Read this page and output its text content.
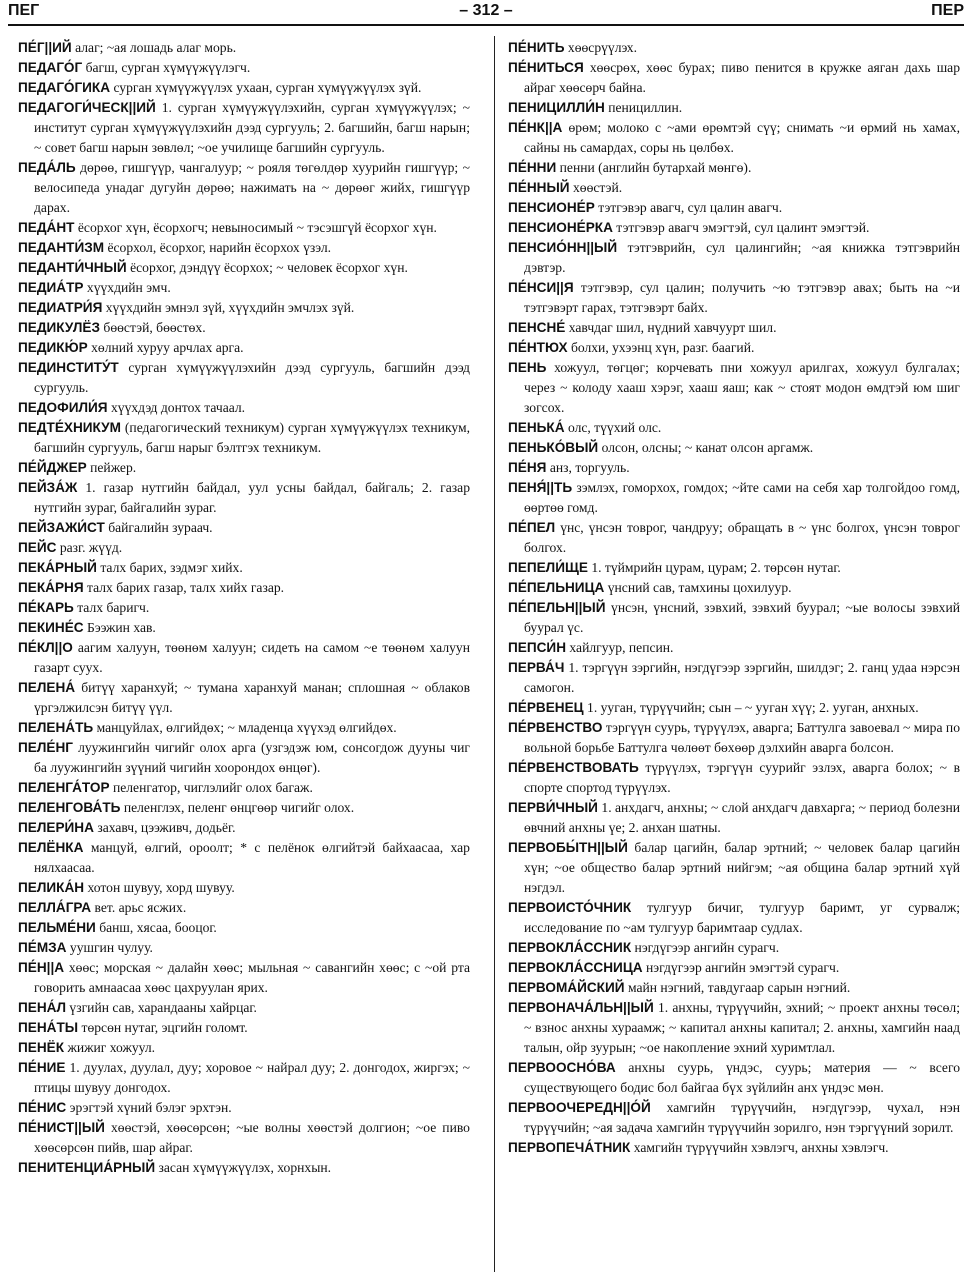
ПЕГ	– 312 –	ПЕР

ПЕ́Г||ИЙ алаг; ~ая лошадь алаг морь.

ПЕДАГО́Г багш, сурган хүмүүжүүлэгч.

ПЕДАГО́ГИКА сурган хүмүүжүүлэх ухаан, сурган хүмүүжүүлэх зүй.

ПЕДАГОГИ́ЧЕСК||ИЙ 1. сурган хүмүүжүүлэхийн, сурган хүмүүжүүлэх; ~ институт сурган хүмүүжүүлэхийн дээд сургууль; 2. багшийн, багш нарын; ~ совет багш нарын зөвлөл; ~ое училище багшийн сургууль.

ПЕДА́ЛЬ дөрөө, гишгүүр, чангалуур; ~ рояля төгөлдөр хуурийн гишгүүр; ~ велосипеда унадаг дугуйн дөрөө; нажимать на ~ дөрөөг жийх, гишгүүр дарах.

ПЕДА́НТ ёсорхог хүн, ёсорхогч; невыносимый ~ тэсэшгүй ёсорхог хүн.

ПЕДАНТИ́ЗМ ёсорхол, ёсорхог, нарийн ёсорхох үзэл.

ПЕДАНТИ́ЧНЫЙ ёсорхог, дэндүү ёсорхох; ~ человек ёсорхог хүн.

ПЕДИА́ТР хүүхдийн эмч.

ПЕДИАТРИ́Я хүүхдийн эмнэл зүй, хүүхдийн эмчлэх зүй.

ПЕДИКУЛЁЗ бөөстэй, бөөстөх.

ПЕДИКЮ́Р хөлний хуруу арчлах арга.

ПЕДИНСТИТУ́Т сурган хүмүүжүүлэхийн дээд сургууль, багшийн дээд сургууль.

ПЕДОФИЛИ́Я хүүхдэд донтох тачаал.

ПЕДТЕ́ХНИКУМ (педагогический техникум) сурган хүмүүжүүлэх техникум, багшийн сургууль, багш нарыг бэлтгэх техникум.

ПЕ́ЙДЖЕР пейжер.

ПЕЙЗА́Ж 1. газар нутгийн байдал, уул усны байдал, байгаль; 2. газар нутгийн зураг, байгалийн зураг.

ПЕЙЗАЖИ́СТ байгалийн зураач.

ПЕЙС разг. жүүд.

ПЕКА́РНЫЙ талх барих, зэдмэг хийх.

ПЕКА́РНЯ талх барих газар, талх хийх газар.

ПЕ́КАРЬ талх баригч.

ПЕКИНЕ́С Бээжин хав.

ПЕ́КЛ||О аагим халуун, төөнөм халуун; сидеть на самом ~е төөнөм халуун газарт суух.

ПЕЛЕНА́ битүү харанхуй; ~ тумана харанхуй манан; сплошная ~ облаков үргэлжилсэн битүү үүл.

ПЕЛЕНА́ТЬ манцуйлах, өлгийдөх; ~ младенца хүүхэд өлгийдөх.

ПЕЛЕ́НГ луужингийн чигийг олох арга (узгэдэж юм, сонсогдож дууны чиг ба луужингийн зүүний чигийн хоорондох өнцөг).

ПЕЛЕНГА́ТОР пеленгатор, чиглэлийг олох багаж.

ПЕЛЕНГОВА́ТЬ пеленглэх, пеленг өнцгөөр чигийг олох.

ПЕЛЕРИ́НА захавч, цээживч, додьёг.

ПЕЛЁНКА манцуй, өлгий, ороолт; * с пелёнок өлгийтэй байхаасаа, хар нялхаасаа.

ПЕЛИКА́Н хотон шувуу, хорд шувуу.

ПЕЛЛА́ГРА вет. арьс ясжих.

ПЕЛЬМЕ́НИ банш, хясаа, бооцог.

ПЕ́МЗА уушгин чулуу.

ПЕ́Н||А хөөс; морская ~ далайн хөөс; мыльная ~ савангийн хөөс; с ~ой рта говорить амнаасаа хөөс цахруулан ярих.

ПЕНА́Л үзгийн сав, харандааны хайрцаг.

ПЕНА́ТЫ төрсөн нутаг, эцгийн голомт.

ПЕНЁК жижиг хожуул.

ПЕ́НИЕ 1. дуулах, дуулал, дуу; хоровое ~ найрал дуу; 2. донгодох, жиргэх; ~ птицы шувуу донгодох.

ПЕ́НИС эрэгтэй хүний бэлэг эрхтэн.

ПЕ́НИСТ||ЫЙ хөөстэй, хөөсөрсөн; ~ые волны хөөстэй долгион; ~ое пиво хөөсөрсөн пийв, шар айраг.

ПЕНИТЕНЦИА́РНЫЙ засан хүмүүжүүлэх, хорнхын.

ПЕ́НИТЬ хөөсрүүлэх.

ПЕ́НИТЬСЯ хөөсрөх, хөөс бурах; пиво пенится в кружке аяган дахь шар айраг хөөсөрч байна.

ПЕНИЦИЛЛИ́Н пенициллин.

ПЕ́НК||А өрөм; молоко с ~ами өрөмтэй сүү; снимать ~и өрмий нь хамах, сайны нь самардах, соры нь цөлбөх.

ПЕ́ННИ пенни (английн бутархай мөнгө).

ПЕ́ННЫЙ хөөстэй.

ПЕНСИОНЕ́Р тэтгэвэр авагч, сул цалин авагч.

ПЕНСИОНЕ́РКА тэтгэвэр авагч эмэгтэй, сул цалинт эмэгтэй.

ПЕНСИО́НН||ЫЙ тэтгэврийн, сул цалингийн; ~ая книжка тэтгэврийн дэвтэр.

ПЕ́НСИ||Я тэтгэвэр, сул цалин; получить ~ю тэтгэвэр авах; быть на ~и тэтгэвэрт гарах, тэтгэвэрт байх.

ПЕНСНЕ́ хавчдаг шил, нүдний хавчуурт шил.

ПЕ́НТЮХ болхи, ухээнц хүн, разг. баагий.

ПЕНЬ хожуул, төгцөг; корчевать пни хожуул арилгах, хожуул булгалах; через ~ колоду хааш хэрэг, хааш яаш; как ~ стоят модон өмдтэй юм шиг зогсох.

ПЕНЬКА́ олс, түүхий олс.

ПЕНЬКО́ВЫЙ олсон, олсны; ~ канат олсон аргамж.

ПЕ́НЯ анз, торгууль.

ПЕНЯ́||ТЬ зэмлэх, гоморхох, гомдох; ~йте сами на себя хар толгойдоо гомд, өөртөө гомд.

ПЕ́ПЕЛ үнс, үнсэн товрог, чандруу; обращать в ~ үнс болгох, үнсэн товрог болгох.

ПЕПЕЛИ́ЩЕ 1. түймрийн цурам, цурам; 2. төрсөн нутаг.

ПЕ́ПЕЛЬНИЦА үнсний сав, тамхины цохилуур.

ПЕ́ПЕЛЬН||ЫЙ үнсэн, үнсний, зэвхий, зэвхий буурал; ~ые волосы зэвхий буурал үс.

ПЕПСИ́Н хайлгуур, пепсин.

ПЕРВА́Ч 1. тэргүүн зэргийн, нэгдүгээр зэргийн, шилдэг; 2. ганц удаа нэрсэн самогон.

ПЕ́РВЕНЕЦ 1. ууган, түрүүчийн; сын – ~ ууган хүү; 2. ууган, анхных.

ПЕ́РВЕНСТВО тэргүүн суурь, түрүүлэх, аварга; Баттулга завоевал ~ мира по вольной борьбе Баттулга чөлөөт бөхөөр дэлхийн аварга болсон.

ПЕ́РВЕНСТВОВАТЬ түрүүлэх, тэргүүн суурийг эзлэх, аварга болох; ~ в спорте спортод түрүүлэх.

ПЕРВИ́ЧНЫЙ 1. анхдагч, анхны; ~ слой анхдагч давхарга; ~ период болезни өвчний анхны үе; 2. анхан шатны.

ПЕРВОБЫ́ТН||ЫЙ балар цагийн, балар эртний; ~ человек балар цагийн хүн; ~ое общество балар эртний нийгэм; ~ая община балар эртний хүй нэгдэл.

ПЕРВОИСТО́ЧНИК тулгуур бичиг, тулгуур баримт, уг сурвалж; исследование по ~ам тулгуур баримтаар судлах.

ПЕРВОКЛА́ССНИК нэгдүгээр ангийн сурагч.

ПЕРВОКЛА́ССНИЦА нэгдүгээр ангийн эмэгтэй сурагч.

ПЕРВОМА́ЙСКИЙ майн нэгний, тавдугаар сарын нэгний.

ПЕРВОНАЧА́ЛЬН||ЫЙ 1. анхны, түрүүчийн, эхний; ~ проект анхны төсөл; ~ взнос анхны хураамж; ~ капитал анхны капитал; 2. анхны, хамгийн наад талын, ойр зуурын; ~ое накопление эхний хуримтлал.

ПЕРВООСНО́ВА анхны суурь, үндэс, суурь; материя — ~ всего существующего бодис бол байгаа бүх зүйлийн анх үндэс мөн.

ПЕРВООЧЕРЕДН||О́Й хамгийн түрүүчийн, нэгдүгээр, чухал, нэн түрүүчийн; ~ая задача хамгийн түрүүчийн зорилго, нэн тэргүүний зорилт.

ПЕРВОПЕЧА́ТНИК хамгийн түрүүчийн хэвлэгч, анхны хэвлэгч.
